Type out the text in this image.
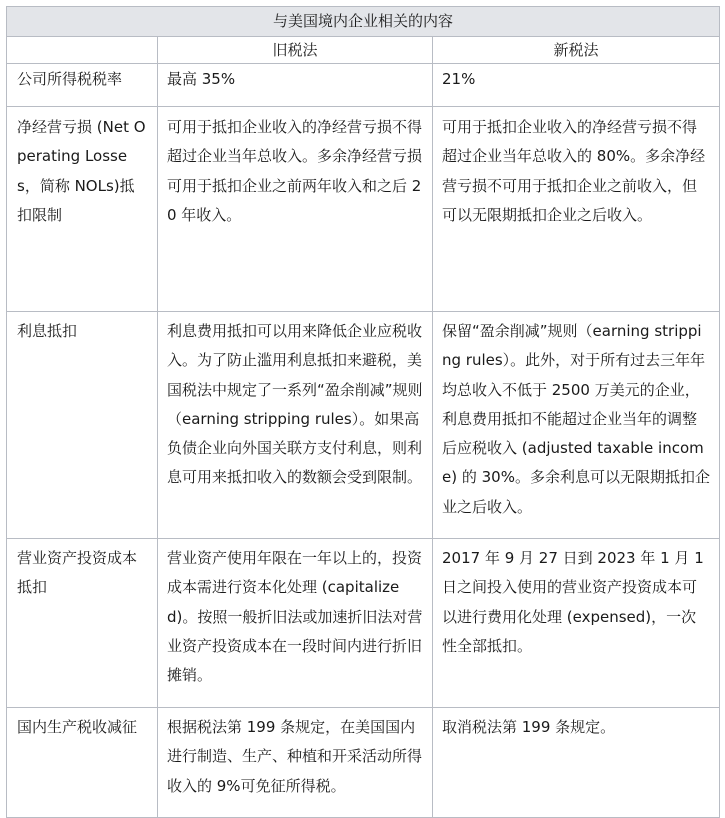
与美国境内企业相关的内容		
	旧税法	新税法
公司所得税税率	最高 35%	21%
净经营亏损 (Net Operating Losses，简称 NOLs)抵扣限制	可用于抵扣企业收入的净经营亏损不得超过企业当年总收入。多余净经营亏损可用于抵扣企业之前两年收入和之后 20 年收入。	可用于抵扣企业收入的净经营亏损不得超过企业当年总收入的 80%。多余净经营亏损不可用于抵扣企业之前收入，但可以无限期抵扣企业之后收入。
利息抵扣	利息费用抵扣可以用来降低企业应税收入。为了防止滥用利息抵扣来避税，美国税法中规定了一系列“盈余削减”规则（earning stripping rules）。如果高负债企业向外国关联方支付利息，则利息可用来抵扣收入的数额会受到限制。	保留“盈余削减”规则（earning stripping rules）。此外，对于所有过去三年年均总收入不低于 2500 万美元的企业，利息费用抵扣不能超过企业当年的调整后应税收入 (adjusted taxable income) 的 30%。多余利息可以无限期抵扣企业之后收入。
营业资产投资成本抵扣	营业资产使用年限在一年以上的，投资成本需进行资本化处理 (capitalized)。按照一般折旧法或加速折旧法对营业资产投资成本在一段时间内进行折旧摊销。	2017 年 9 月 27 日到 2023 年 1 月 1 日之间投入使用的营业资产投资成本可以进行费用化处理 (expensed)，一次性全部抵扣。
国内生产税收减征	根据税法第 199 条规定，在美国国内进行制造、生产、种植和开采活动所得收入的 9%可免征所得税。	取消税法第 199 条规定。
